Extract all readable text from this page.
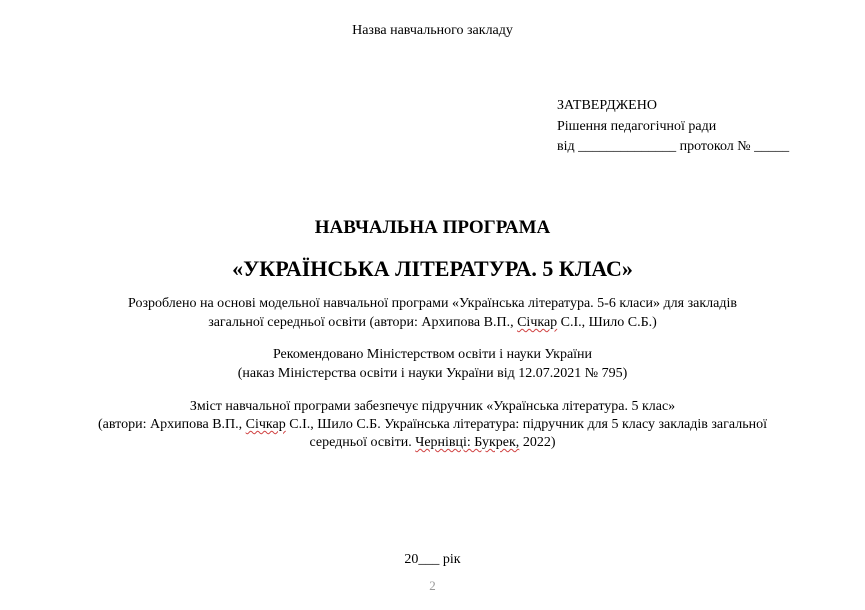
Назва навчального закладу
ЗАТВЕРДЖЕНО
Рішення педагогічної ради
від ______________ протокол № _____
НАВЧАЛЬНА ПРОГРАМА
«УКРАЇНСЬКА ЛІТЕРАТУРА. 5 КЛАС»
Розроблено на основі модельної навчальної програми «Українська література. 5-6 класи» для закладів
загальної середньої освіти (автори: Архипова В.П., Січкар С.І., Шило С.Б.)
Рекомендовано Міністерством освіти і науки України
(наказ Міністерства освіти і науки України від 12.07.2021 № 795)
Зміст навчальної програми забезпечує підручник «Українська література. 5 клас»
(автори: Архипова В.П., Січкар С.І., Шило С.Б. Українська література: підручник для 5 класу закладів загальної
середньої освіти. Чернівці: Букрек, 2022)
20___ рік
2
